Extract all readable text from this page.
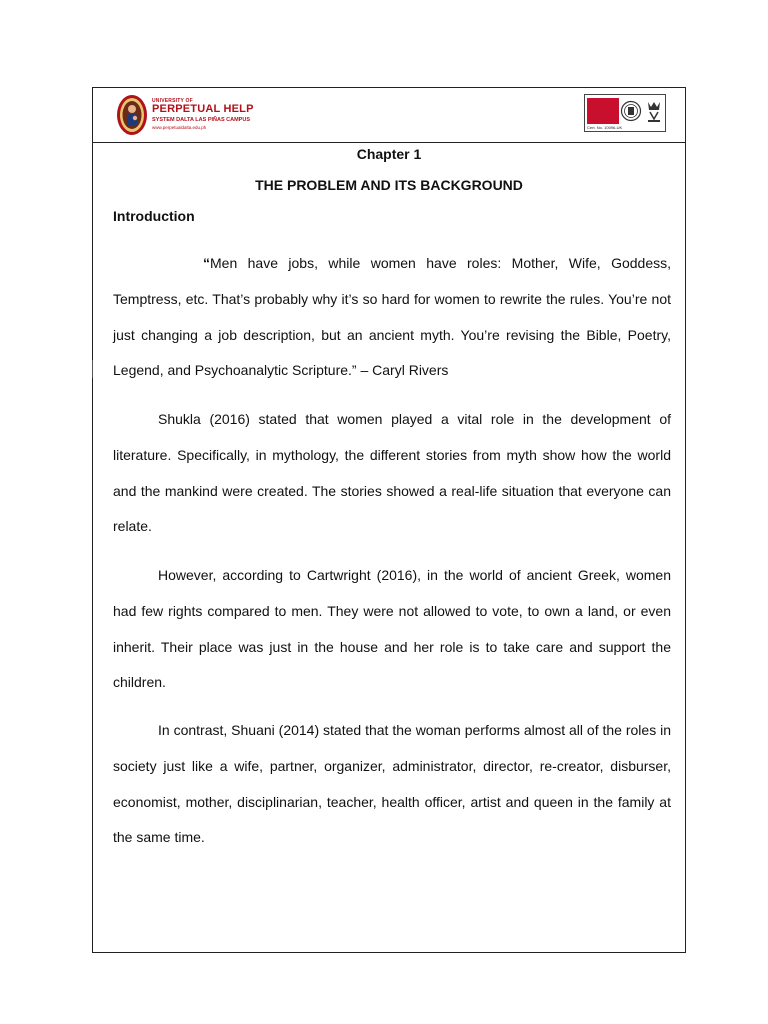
UNIVERSITY OF
PERPETUAL HELP
SYSTEM DALTA LAS PIÑAS CAMPUS
www.perpetualdalta.edu.ph	Cert. No. 10096-UK
Chapter 1
THE PROBLEM AND ITS BACKGROUND
Introduction

“Men have jobs, while women have roles: Mother, Wife, Goddess, Temptress, etc. That’s probably why it’s so hard for women to rewrite the rules. You’re not just changing a job description, but an ancient myth. You’re revising the Bible, Poetry, Legend, and Psychoanalytic Scripture.” – Caryl Rivers

Shukla (2016) stated that women played a vital role in the development of literature. Specifically, in mythology, the different stories from myth show how the world and the mankind were created. The stories showed a real-life situation that everyone can relate.

However, according to Cartwright (2016), in the world of ancient Greek, women had few rights compared to men. They were not allowed to vote, to own a land, or even inherit. Their place was just in the house and her role is to take care and support the children.

In contrast, Shuani (2014) stated that the woman performs almost all of the roles in society just like a wife, partner, organizer, administrator, director, re-creator, disburser, economist, mother, disciplinarian, teacher, health officer, artist and queen in the family at the same time.
